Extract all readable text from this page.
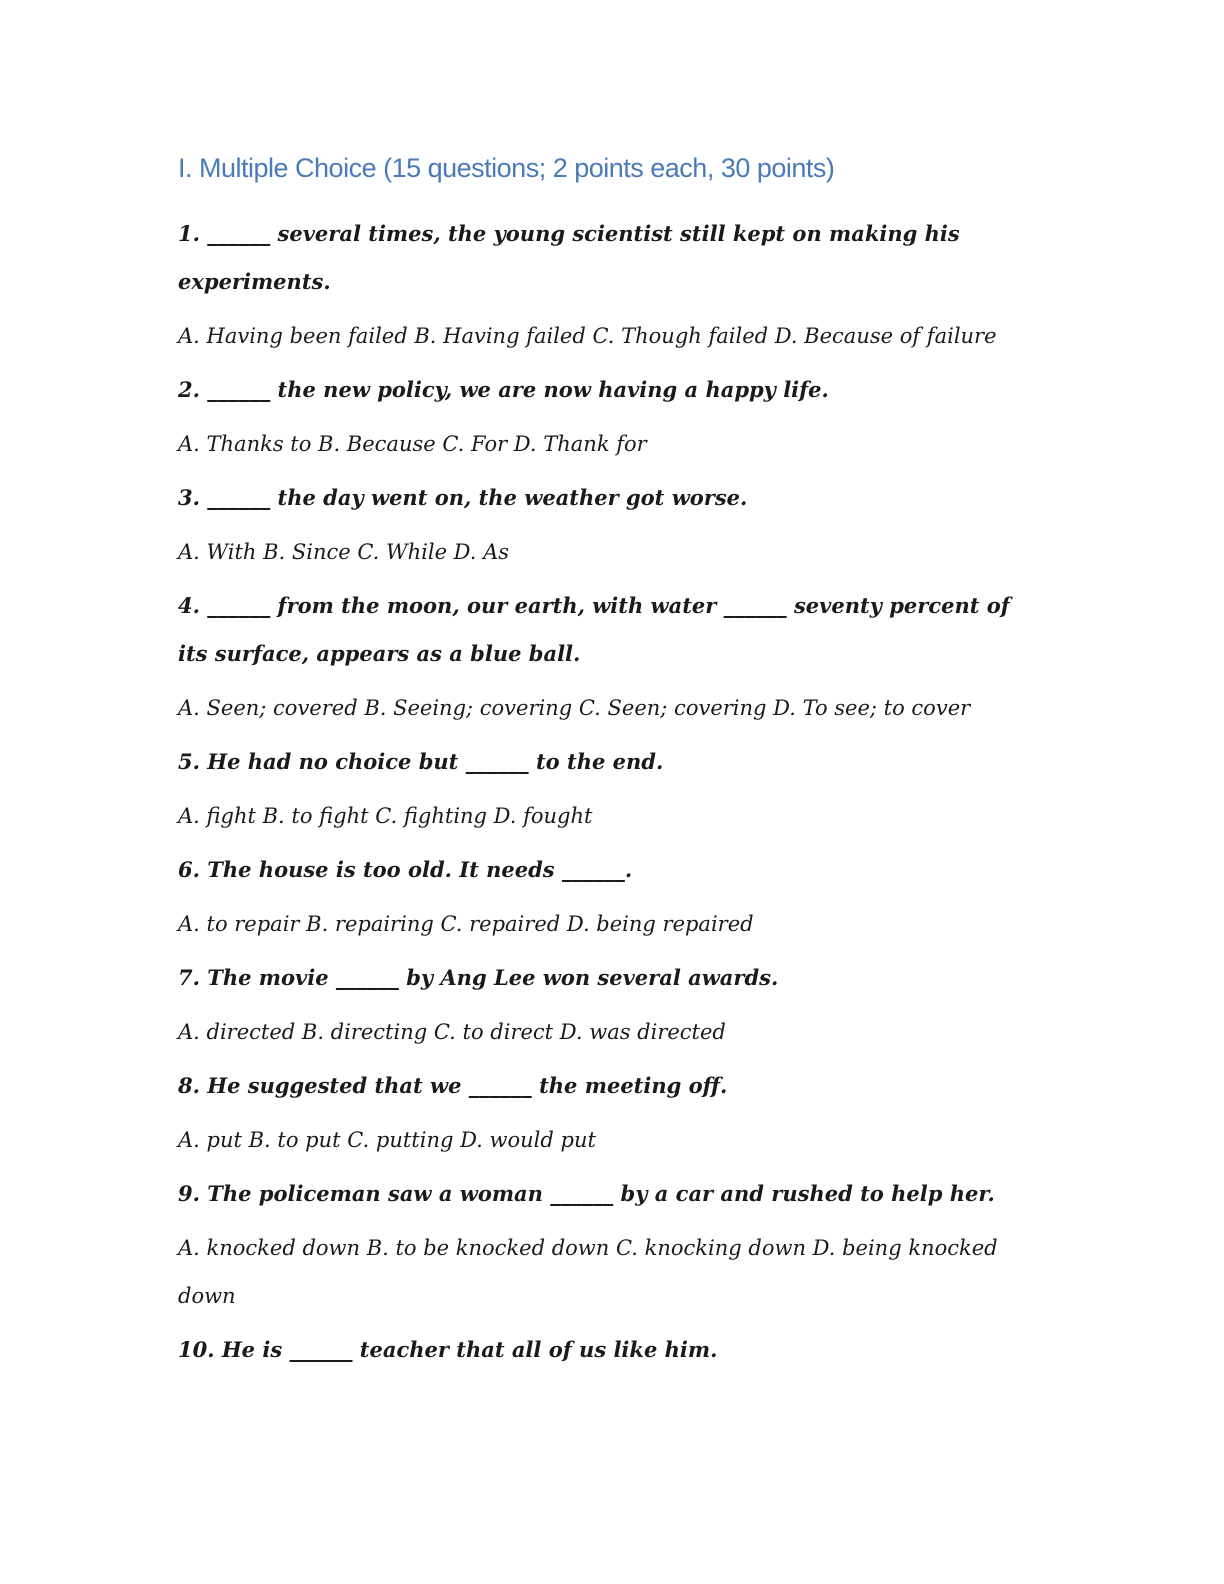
I. Multiple Choice (15 questions; 2 points each, 30 points)
1. ______ several times, the young scientist still kept on making his experiments.
A. Having been failed B. Having failed C. Though failed D. Because of failure
2. ______ the new policy, we are now having a happy life.
A. Thanks to B. Because C. For D. Thank for
3. ______ the day went on, the weather got worse.
A. With B. Since C. While D. As
4. ______ from the moon, our earth, with water ______ seventy percent of its surface, appears as a blue ball.
A. Seen; covered B. Seeing; covering C. Seen; covering D. To see; to cover
5. He had no choice but ______ to the end.
A. fight B. to fight C. fighting D. fought
6. The house is too old. It needs ______.
A. to repair B. repairing C. repaired D. being repaired
7. The movie ______ by Ang Lee won several awards.
A. directed B. directing C. to direct D. was directed
8. He suggested that we ______ the meeting off.
A. put B. to put C. putting D. would put
9. The policeman saw a woman ______ by a car and rushed to help her.
A. knocked down B. to be knocked down C. knocking down D. being knocked down
10. He is ______ teacher that all of us like him.
